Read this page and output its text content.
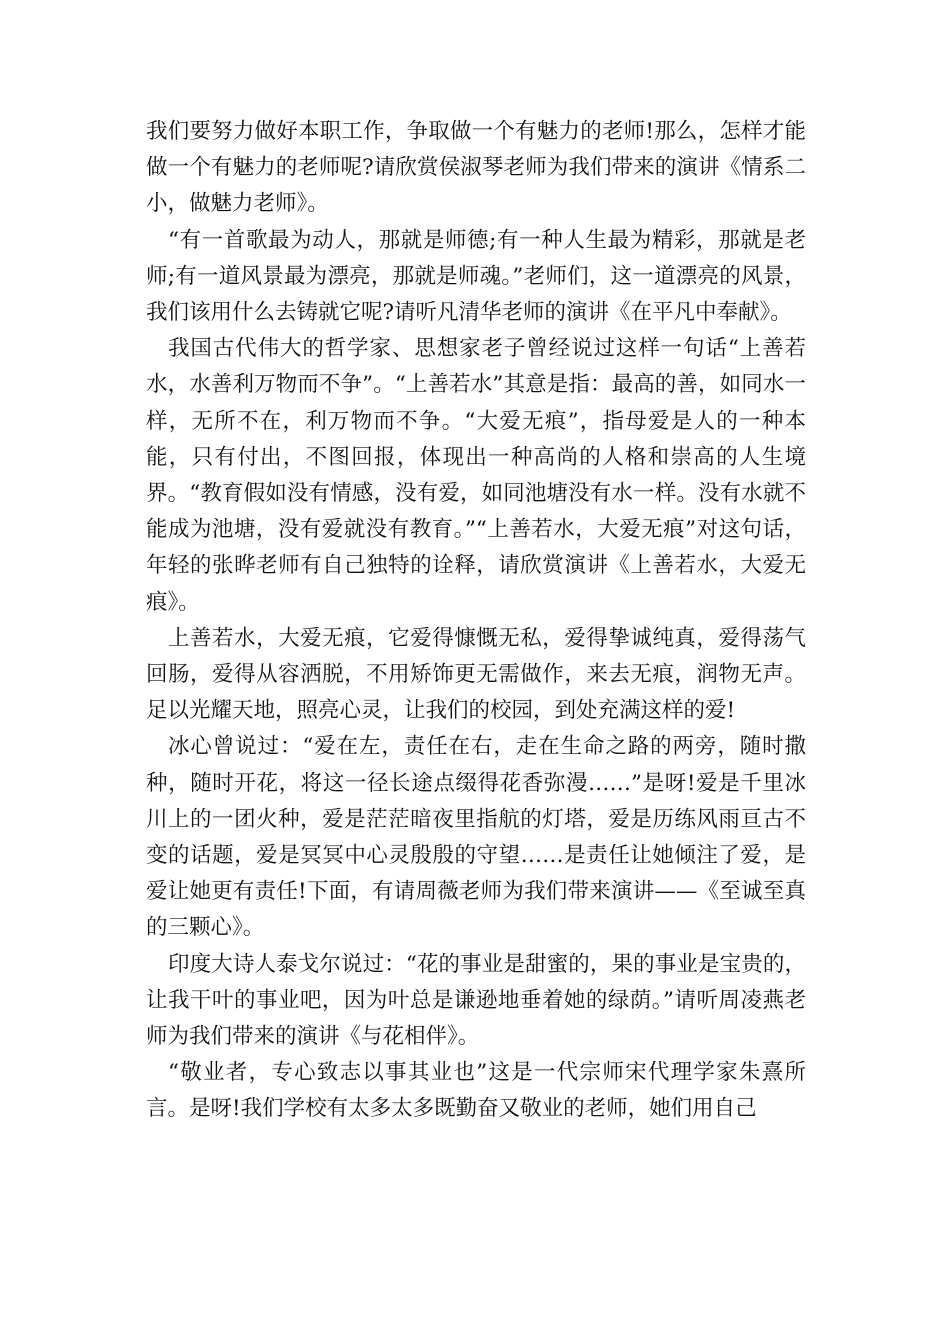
我们要努力做好本职工作，争取做一个有魅力的老师!那么，怎样才能做一个有魅力的老师呢?请欣赏侯淑琴老师为我们带来的演讲《情系二小，做魅力老师》。

“有一首歌最为动人，那就是师德;有一种人生最为精彩，那就是老师;有一道风景最为漂亮，那就是师魂。”老师们，这一道漂亮的风景，我们该用什么去铸就它呢?请听凡清华老师的演讲《在平凡中奉献》。

我国古代伟大的哲学家、思想家老子曾经说过这样一句话“上善若水，水善利万物而不争”。“上善若水”其意是指：最高的善，如同水一样，无所不在，利万物而不争。“大爱无痕”，指母爱是人的一种本能，只有付出，不图回报，体现出一种高尚的人格和崇高的人生境界。“教育假如没有情感，没有爱，如同池塘没有水一样。没有水就不能成为池塘，没有爱就没有教育。”“上善若水，大爱无痕”对这句话，年轻的张晔老师有自己独特的诠释，请欣赏演讲《上善若水，大爱无痕》。

上善若水，大爱无痕，它爱得慷慨无私，爱得挚诚纯真，爱得荡气回肠，爱得从容洒脱，不用矫饰更无需做作，来去无痕，润物无声。足以光耀天地，照亮心灵，让我们的校园，到处充满这样的爱!

冰心曾说过：“爱在左，责任在右，走在生命之路的两旁，随时撒种，随时开花，将这一径长途点缀得花香弥漫……”是呀!爱是千里冰川上的一团火种，爱是茫茫暗夜里指航的灯塔，爱是历练风雨亘古不变的话题，爱是冥冥中心灵殷殷的守望……是责任让她倾注了爱，是爱让她更有责任!下面，有请周薇老师为我们带来演讲——《至诚至真的三颗心》。

印度大诗人泰戈尔说过：“花的事业是甜蜜的，果的事业是宝贵的，让我干叶的事业吧，因为叶总是谦逊地垂着她的绿荫。”请听周凌燕老师为我们带来的演讲《与花相伴》。

“敬业者，专心致志以事其业也”这是一代宗师宋代理学家朱熹所言。是呀!我们学校有太多太多既勤奋又敬业的老师，她们用自己
